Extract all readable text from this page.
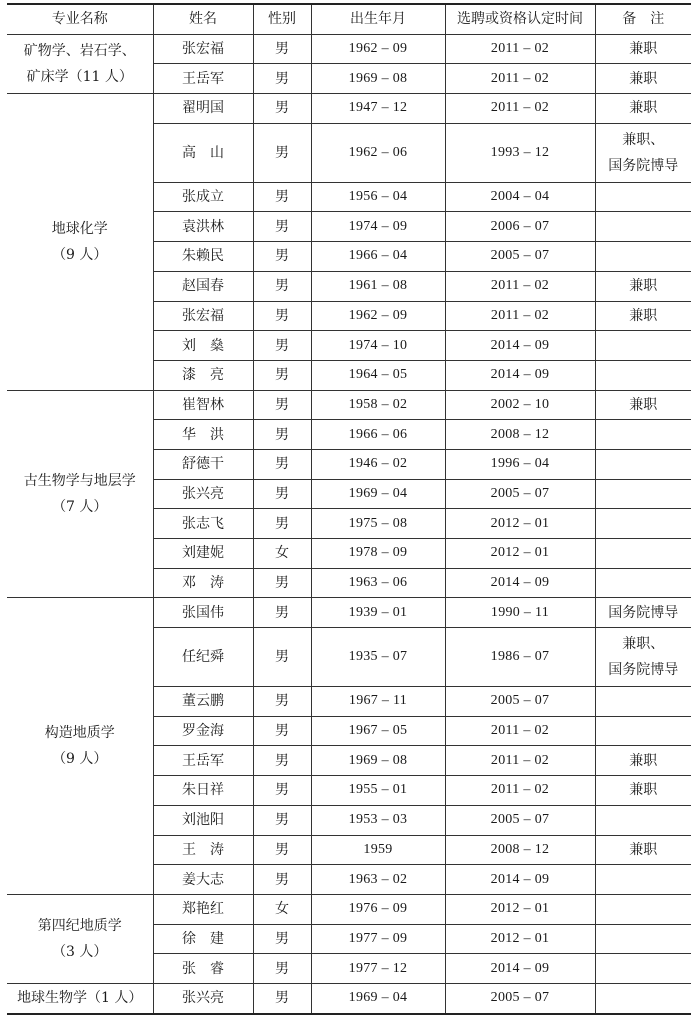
专业名称	姓名	性别	出生年月	选聘或资格认定时间	备　注
矿物学、岩石学、
矿床学（11 人）	张宏福	男	1962 – 09	2011 – 02	兼职
	王岳军	男	1969 – 08	2011 – 02	兼职
地球化学
（9 人）	翟明国	男	1947 – 12	2011 – 02	兼职
	高　山	男	1962 – 06	1993 – 12	兼职、
国务院博导
	张成立	男	1956 – 04	2004 – 04	
	袁洪林	男	1974 – 09	2006 – 07	
	朱赖民	男	1966 – 04	2005 – 07	
	赵国春	男	1961 – 08	2011 – 02	兼职
	张宏福	男	1962 – 09	2011 – 02	兼职
	刘　燊	男	1974 – 10	2014 – 09	
	漆　亮	男	1964 – 05	2014 – 09	
古生物学与地层学
（7 人）	崔智林	男	1958 – 02	2002 – 10	兼职
	华　洪	男	1966 – 06	2008 – 12	
	舒德干	男	1946 – 02	1996 – 04	
	张兴亮	男	1969 – 04	2005 – 07	
	张志飞	男	1975 – 08	2012 – 01	
	刘建妮	女	1978 – 09	2012 – 01	
	邓　涛	男	1963 – 06	2014 – 09	
构造地质学
（9 人）	张国伟	男	1939 – 01	1990 – 11	国务院博导
	任纪舜	男	1935 – 07	1986 – 07	兼职、
国务院博导
	董云鹏	男	1967 – 11	2005 – 07	
	罗金海	男	1967 – 05	2011 – 02	
	王岳军	男	1969 – 08	2011 – 02	兼职
	朱日祥	男	1955 – 01	2011 – 02	兼职
	刘池阳	男	1953 – 03	2005 – 07	
	王　涛	男	1959	2008 – 12	兼职
	姜大志	男	1963 – 02	2014 – 09	
第四纪地质学
（3 人）	郑艳红	女	1976 – 09	2012 – 01	
	徐　建	男	1977 – 09	2012 – 01	
	张　睿	男	1977 – 12	2014 – 09	
地球生物学（1 人）	张兴亮	男	1969 – 04	2005 – 07	
